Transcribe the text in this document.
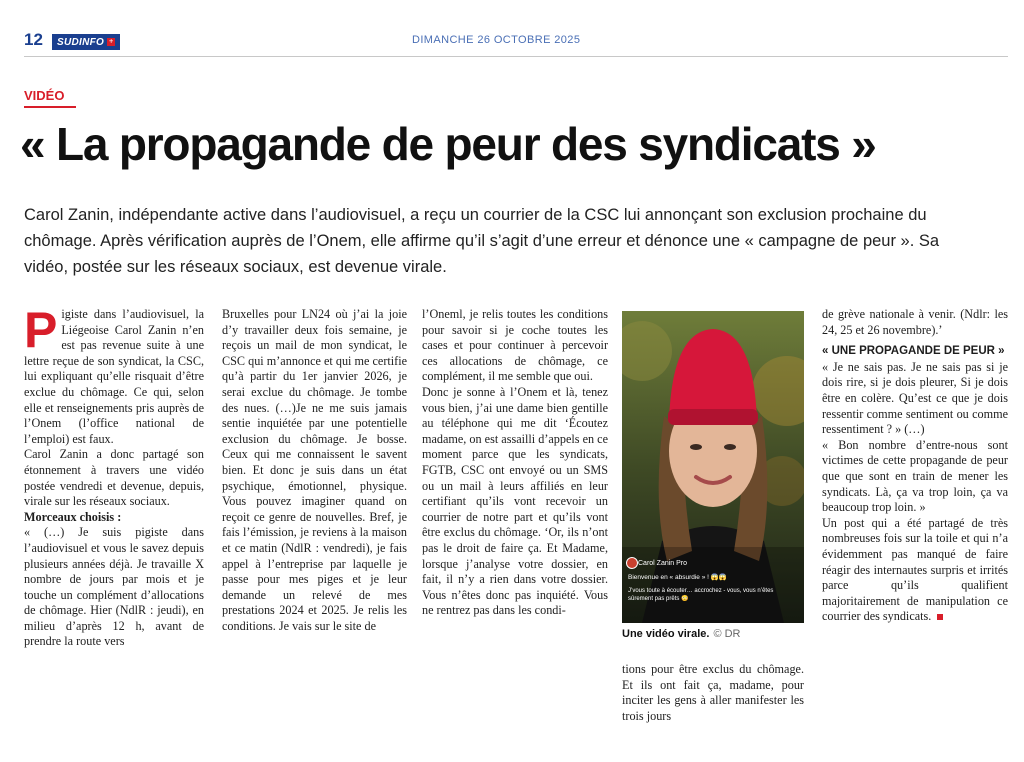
12 SUDINFO +	DIMANCHE 26 OCTOBRE 2025
VIDÉO
« La propagande de peur des syndicats »

Carol Zanin, indépendante active dans l’audiovisuel, a reçu un courrier de la CSC lui annonçant son exclusion prochaine du chômage. Après vérification auprès de l’Onem, elle affirme qu’il s’agit d’une erreur et dénonce une « campagne de peur ». Sa vidéo, postée sur les réseaux sociaux, est devenue virale.

Pigiste dans l’audiovisuel, la Liégeoise Carol Zanin n’en est pas revenue suite à une lettre reçue de son syndicat, la CSC, lui expliquant qu’elle risquait d’être exclue du chômage. Ce qui, selon elle et renseignements pris auprès de l’Onem (l’office national de l’emploi) est faux.

Carol Zanin a donc partagé son étonnement à travers une vidéo postée vendredi et devenue, depuis, virale sur les réseaux sociaux.

Morceaux choisis :

« (…) Je suis pigiste dans l’audiovisuel et vous le savez depuis plusieurs années déjà. Je travaille X nombre de jours par mois et je touche un complément d’allocations de chômage. Hier (NdlR : jeudi), en milieu d’après 12 h, avant de prendre la route vers

Bruxelles pour LN24 où j’ai la joie d’y travailler deux fois semaine, je reçois un mail de mon syndicat, le CSC qui m’annonce et qui me certifie qu’à partir du 1er janvier 2026, je serai exclue du chômage. Je tombe des nues. (…)Je ne me suis jamais sentie inquiétée par une potentielle exclusion du chômage. Je bosse. Ceux qui me connaissent le savent bien. Et donc je suis dans un état psychique, émotionnel, physique. Vous pouvez imaginer quand on reçoit ce genre de nouvelles. Bref, je fais l’émission, je reviens à la maison et ce matin (NdlR : vendredi), je fais appel à l’entreprise par laquelle je passe pour mes piges et je leur demande un relevé de mes prestations 2024 et 2025. Je relis les conditions. Je vais sur le site de

l’Oneml, je relis toutes les conditions pour savoir si je coche toutes les cases et pour continuer à percevoir ces allocations de chômage, ce complément, il me semble que oui.

Donc je sonne à l’Onem et là, tenez vous bien, j’ai une dame bien gentille au téléphone qui me dit ‘Écoutez madame, on est assailli d’appels en ce moment parce que les syndicats, FGTB, CSC ont envoyé ou un SMS ou un mail à leurs affiliés en leur certifiant qu’ils vont recevoir un courrier de notre part et qu’ils vont être exclus du chômage. ‘Or, ils n’ont pas le droit de faire ça. Et Madame, lorsque j’analyse votre dossier, en fait, il n’y a rien dans votre dossier. Vous n’êtes donc pas inquiété. Vous ne rentrez pas dans les condi-

Carol Zanin Pro
Bienvenue en « absurdie » ! 😱😱
J’vous toute à écouter… accrochez - vous, vous n’êtes sûrement pas prêts 😳
Une vidéo virale. © DR

tions pour être exclus du chômage. Et ils ont fait ça, madame, pour inciter les gens à aller manifester les trois jours

de grève nationale à venir. (Ndlr: les 24, 25 et 26 novembre).’

« UNE PROPAGANDE DE PEUR »

« Je ne sais pas. Je ne sais pas si je dois rire, si je dois pleurer, Si je dois être en colère. Qu’est ce que je dois ressentir comme sentiment ou comme ressentiment ? » (…)

« Bon nombre d’entre-nous sont victimes de cette propagande de peur que que sont en train de mener les syndicats. Là, ça va trop loin, ça va beaucoup trop loin. »

Un post qui a été partagé de très nombreuses fois sur la toile et qui n’a évidemment pas manqué de faire réagir des internautes surpris et irrités parce qu’ils qualifient majoritairement de manipulation ce courrier des syndicats.
